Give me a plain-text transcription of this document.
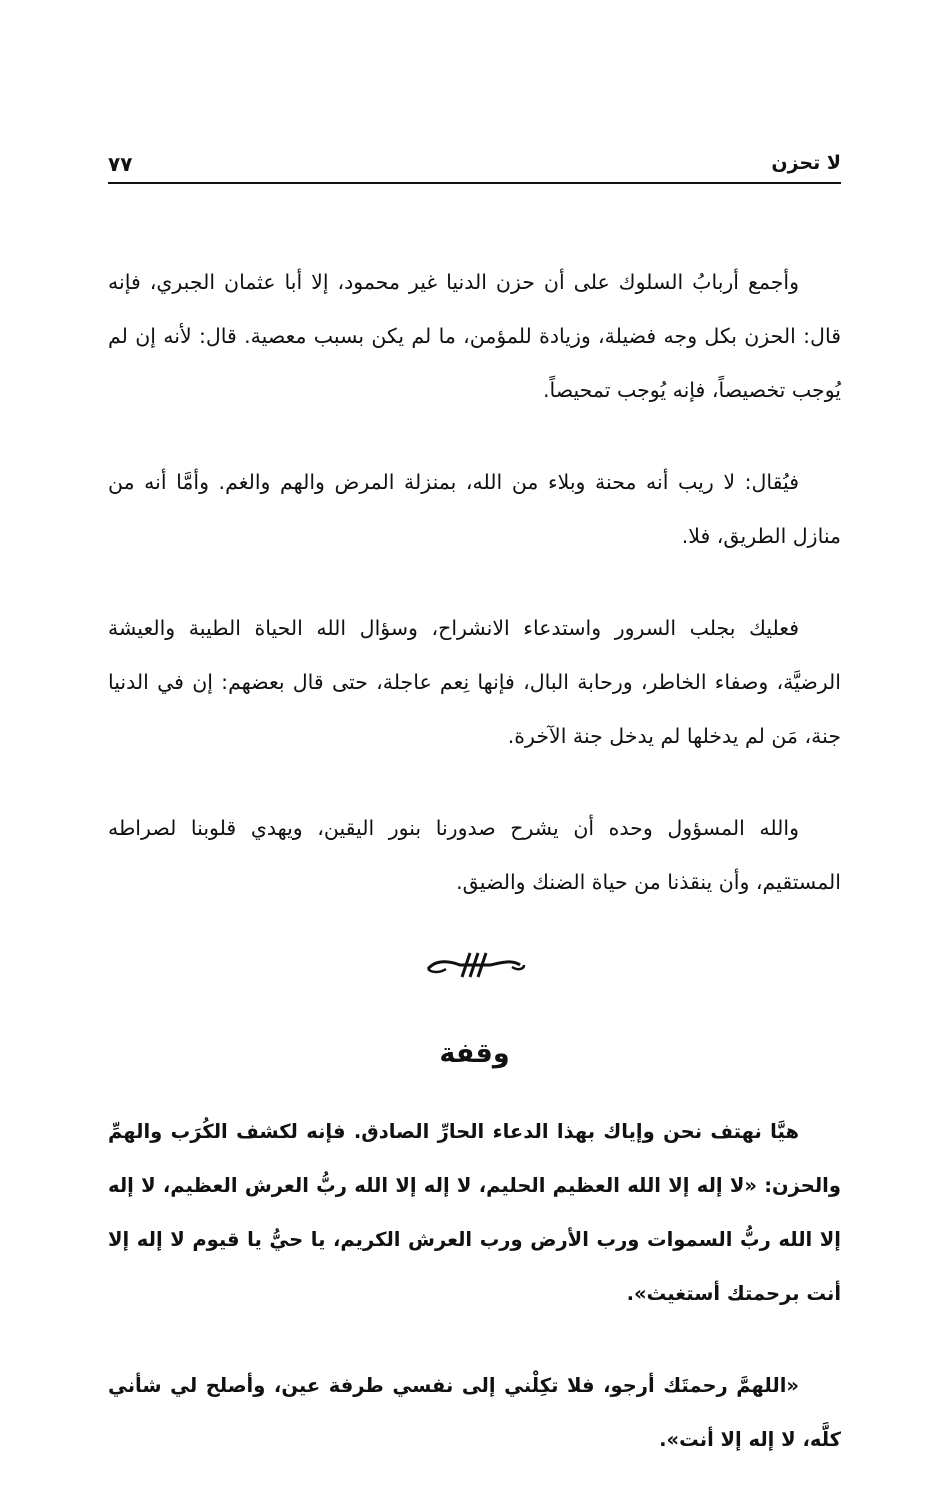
لا تحزن
٧٧

وأجمع أربابُ السلوك على أن حزن الدنيا غير محمود، إلا أبا عثمان الجبري، فإنه قال: الحزن بكل وجه فضيلة، وزيادة للمؤمن، ما لم يكن بسبب معصية. قال: لأنه إن لم يُوجب تخصيصاً، فإنه يُوجب تمحيصاً.

فيُقال: لا ريب أنه محنة وبلاء من الله، بمنزلة المرض والهم والغم. وأمَّا أنه من منازل الطريق، فلا.

فعليك بجلب السرور واستدعاء الانشراح، وسؤال الله الحياة الطيبة والعيشة الرضيَّة، وصفاء الخاطر، ورحابة البال، فإنها نِعم عاجلة، حتى قال بعضهم: إن في الدنيا جنة، مَن لم يدخلها لم يدخل جنة الآخرة.

والله المسؤول وحده أن يشرح صدورنا بنور اليقين، ويهدي قلوبنا لصراطه المستقيم، وأن ينقذنا من حياة الضنك والضيق.

وقفة

هيَّا نهتف نحن وإياك بهذا الدعاء الحارِّ الصادق. فإنه لكشف الكُرَب والهمِّ والحزن: «لا إله إلا الله العظيم الحليم، لا إله إلا الله ربُّ العرش العظيم، لا إله إلا الله ربُّ السموات ورب الأرض ورب العرش الكريم، يا حيُّ يا قيوم لا إله إلا أنت برحمتك أستغيث».

«اللهمَّ رحمتَك أرجو، فلا تكِلْني إلى نفسي طرفة عين، وأصلح لي شأني كلَّه، لا إله إلا أنت».
